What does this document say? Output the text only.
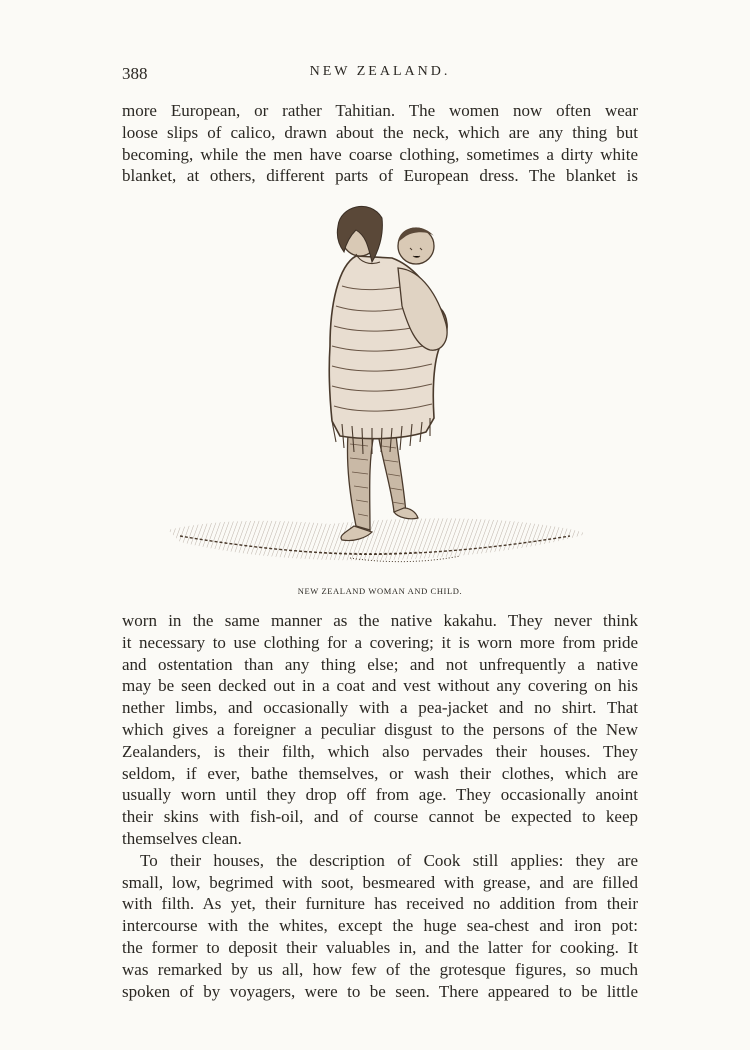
388	NEW ZEALAND.
more European, or rather Tahitian. The women now often wear
loose slips of calico, drawn about the neck, which are any thing but
becoming, while the men have coarse clothing, sometimes a dirty white
blanket, at others, different parts of European dress. The blanket is
NEW ZEALAND WOMAN AND CHILD.
worn in the same manner as the native kakahu. They never think
it necessary to use clothing for a covering; it is worn more from pride
and ostentation than any thing else; and not unfrequently a native
may be seen decked out in a coat and vest without any covering on his
nether limbs, and occasionally with a pea-jacket and no shirt. That
which gives a foreigner a peculiar disgust to the persons of the New
Zealanders, is their filth, which also pervades their houses. They
seldom, if ever, bathe themselves, or wash their clothes, which are
usually worn until they drop off from age. They occasionally anoint
their skins with fish-oil, and of course cannot be expected to keep
themselves clean.
To their houses, the description of Cook still applies: they are
small, low, begrimed with soot, besmeared with grease, and are filled
with filth. As yet, their furniture has received no addition from their
intercourse with the whites, except the huge sea-chest and iron pot:
the former to deposit their valuables in, and the latter for cooking. It
was remarked by us all, how few of the grotesque figures, so much
spoken of by voyagers, were to be seen. There appeared to be little
